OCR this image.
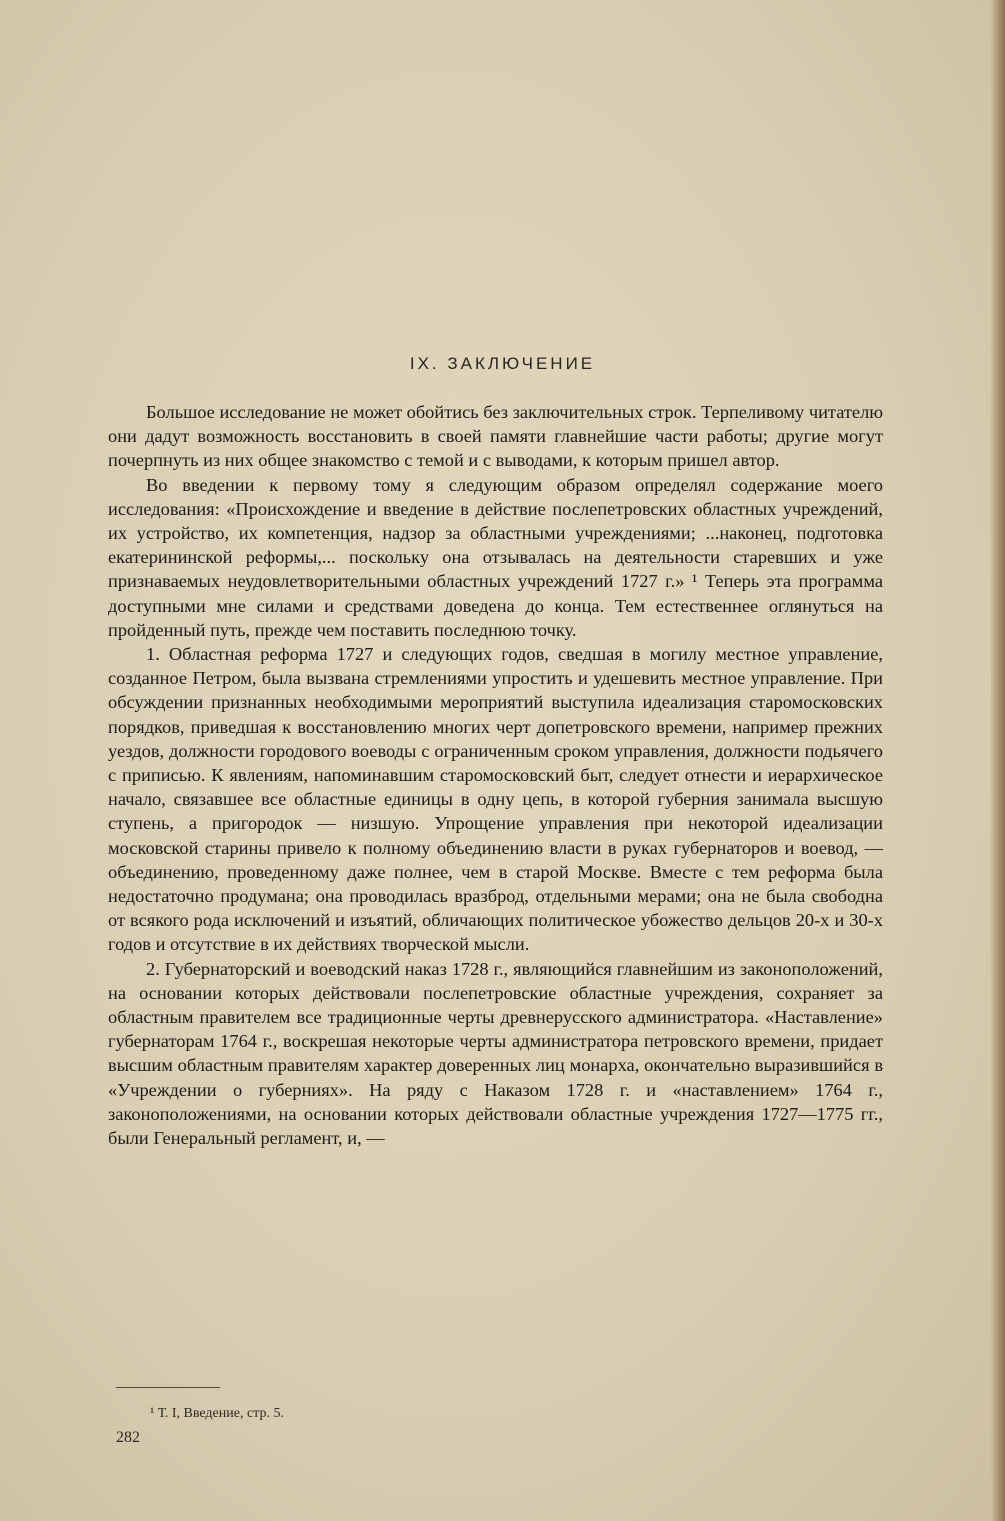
IX. ЗАКЛЮЧЕНИЕ

Большое исследование не может обойтись без заключительных строк. Терпеливому читателю они дадут возможность восстановить в своей памяти главнейшие части работы; другие могут почерпнуть из них общее знакомство с темой и с выводами, к которым пришел автор.

Во введении к первому тому я следующим образом определял содержание моего исследования: «Происхождение и введение в действие послепетровских областных учреждений, их устройство, их компетенция, надзор за областными учреждениями; ...наконец, подготовка екатерининской реформы,... поскольку она отзывалась на деятельности старевших и уже признаваемых неудовлетворительными областных учреждений 1727 г.» ¹ Теперь эта программа доступными мне силами и средствами доведена до конца. Тем естественнее оглянуться на пройденный путь, прежде чем поставить последнюю точку.

1. Областная реформа 1727 и следующих годов, сведшая в могилу местное управление, созданное Петром, была вызвана стремлениями упростить и удешевить местное управление. При обсуждении признанных необходимыми мероприятий выступила идеализация старомосковских порядков, приведшая к восстановлению многих черт допетровского времени, например прежних уездов, должности городового воеводы с ограниченным сроком управления, должности подьячего с приписью. К явлениям, напоминавшим старомосковский быт, следует отнести и иерархическое начало, связавшее все областные единицы в одну цепь, в которой губерния занимала высшую ступень, а пригородок — низшую. Упрощение управления при некоторой идеализации московской старины привело к полному объединению власти в руках губернаторов и воевод, — объединению, проведенному даже полнее, чем в старой Москве. Вместе с тем реформа была недостаточно продумана; она проводилась вразброд, отдельными мерами; она не была свободна от всякого рода исключений и изъятий, обличающих политическое убожество дельцов 20-х и 30-х годов и отсутствие в их действиях творческой мысли.

2. Губернаторский и воеводский наказ 1728 г., являющийся главнейшим из законоположений, на основании которых действовали послепетровские областные учреждения, сохраняет за областным правителем все традиционные черты древнерусского администратора. «Наставление» губернаторам 1764 г., воскрешая некоторые черты администратора петровского времени, придает высшим областным правителям характер доверенных лиц монарха, окончательно выразившийся в «Учреждении о губерниях». На ряду с Наказом 1728 г. и «наставлением» 1764 г., законоположениями, на основании которых действовали областные учреждения 1727—1775 гг., были Генеральный регламент, и, —

¹ Т. I, Введение, стр. 5.
282
